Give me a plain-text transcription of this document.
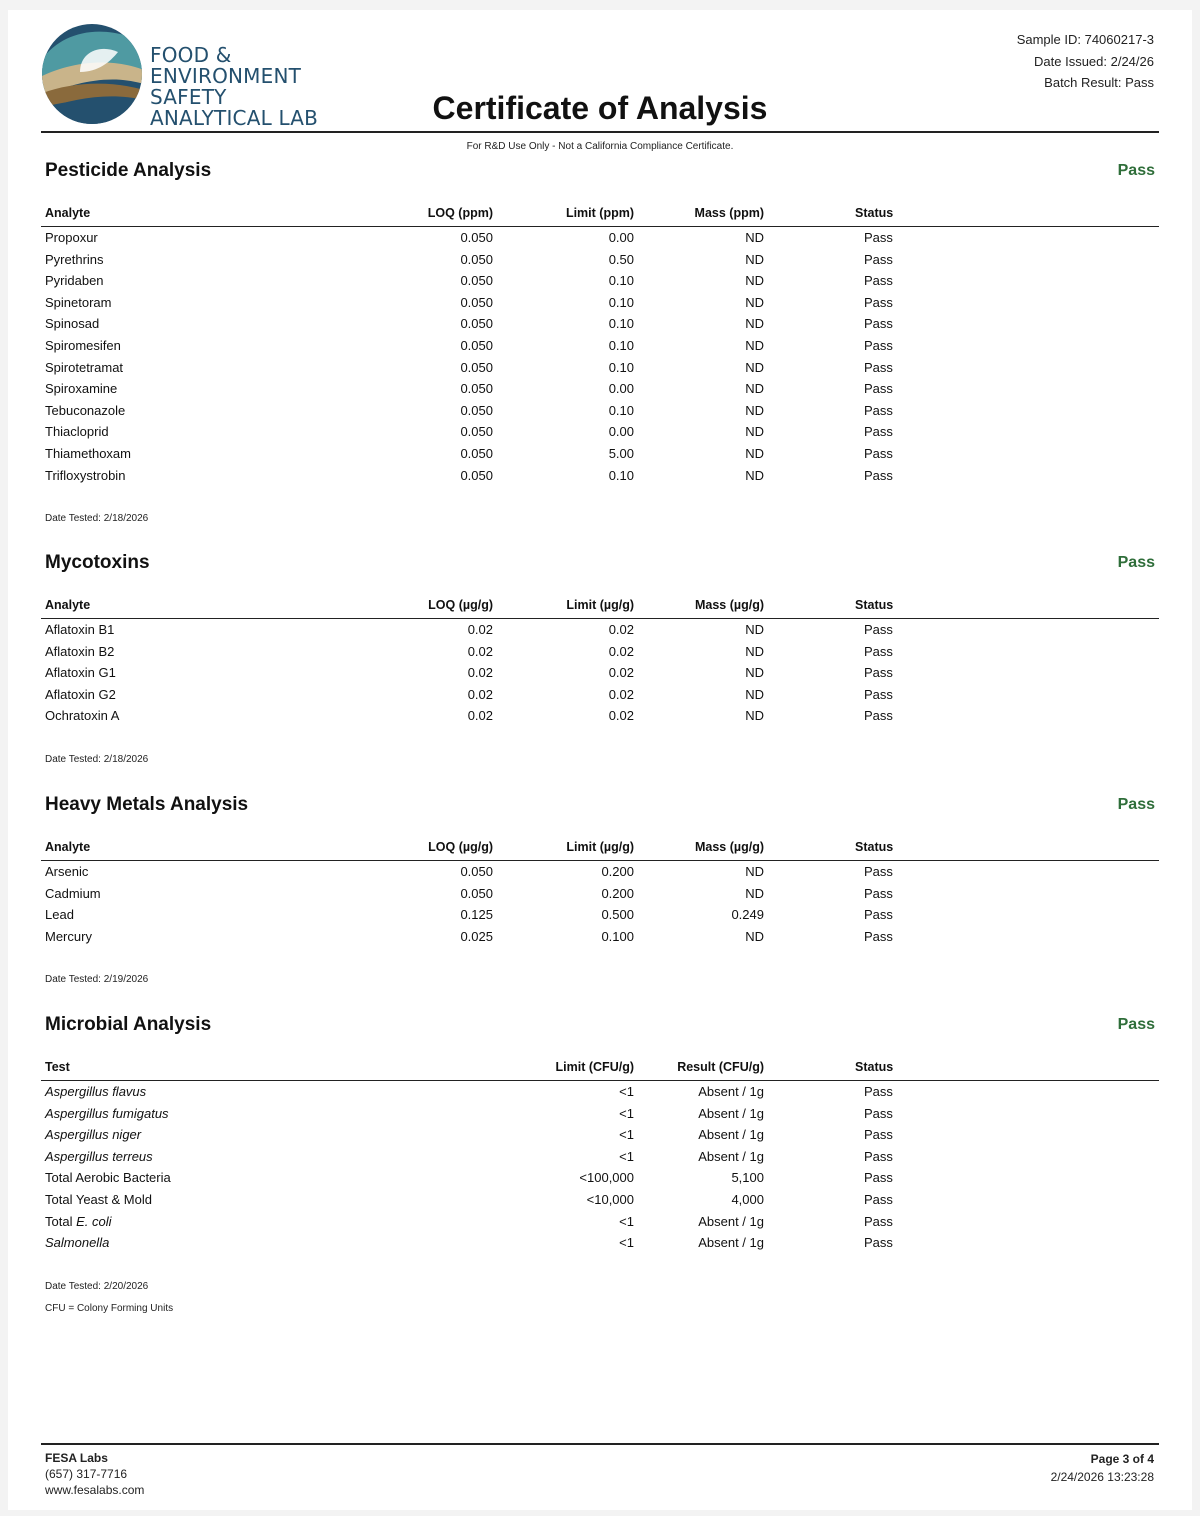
FOOD &
ENVIRONMENT
SAFETY
ANALYTICAL LAB	Certificate of Analysis
Sample ID: 74060217-3
Date Issued: 2/24/26
Batch Result: Pass
For R&D Use Only - Not a California Compliance Certificate.
Pesticide Analysis	Pass
Analyte	LOQ (ppm)	Limit (ppm)	Mass (ppm)	Status
Propoxur	0.050	0.00	ND	Pass
Pyrethrins	0.050	0.50	ND	Pass
Pyridaben	0.050	0.10	ND	Pass
Spinetoram	0.050	0.10	ND	Pass
Spinosad	0.050	0.10	ND	Pass
Spiromesifen	0.050	0.10	ND	Pass
Spirotetramat	0.050	0.10	ND	Pass
Spiroxamine	0.050	0.00	ND	Pass
Tebuconazole	0.050	0.10	ND	Pass
Thiacloprid	0.050	0.00	ND	Pass
Thiamethoxam	0.050	5.00	ND	Pass
Trifloxystrobin	0.050	0.10	ND	Pass
Date Tested: 2/18/2026
Mycotoxins	Pass
Analyte	LOQ (µg/g)	Limit (µg/g)	Mass (µg/g)	Status
Aflatoxin B1	0.02	0.02	ND	Pass
Aflatoxin B2	0.02	0.02	ND	Pass
Aflatoxin G1	0.02	0.02	ND	Pass
Aflatoxin G2	0.02	0.02	ND	Pass
Ochratoxin A	0.02	0.02	ND	Pass
Date Tested: 2/18/2026
Heavy Metals Analysis	Pass
Analyte	LOQ (µg/g)	Limit (µg/g)	Mass (µg/g)	Status
Arsenic	0.050	0.200	ND	Pass
Cadmium	0.050	0.200	ND	Pass
Lead	0.125	0.500	0.249	Pass
Mercury	0.025	0.100	ND	Pass
Date Tested: 2/19/2026
Microbial Analysis	Pass
Test	Limit (CFU/g)	Result (CFU/g)	Status
Aspergillus flavus	<1	Absent / 1g	Pass
Aspergillus fumigatus	<1	Absent / 1g	Pass
Aspergillus niger	<1	Absent / 1g	Pass
Aspergillus terreus	<1	Absent / 1g	Pass
Total Aerobic Bacteria	<100,000	5,100	Pass
Total Yeast & Mold	<10,000	4,000	Pass
Total E. coli	<1	Absent / 1g	Pass
Salmonella	<1	Absent / 1g	Pass
Date Tested: 2/20/2026
CFU = Colony Forming Units
FESA Labs
(657) 317-7716
www.fesalabs.com
Page 3 of 4
2/24/2026 13:23:28
